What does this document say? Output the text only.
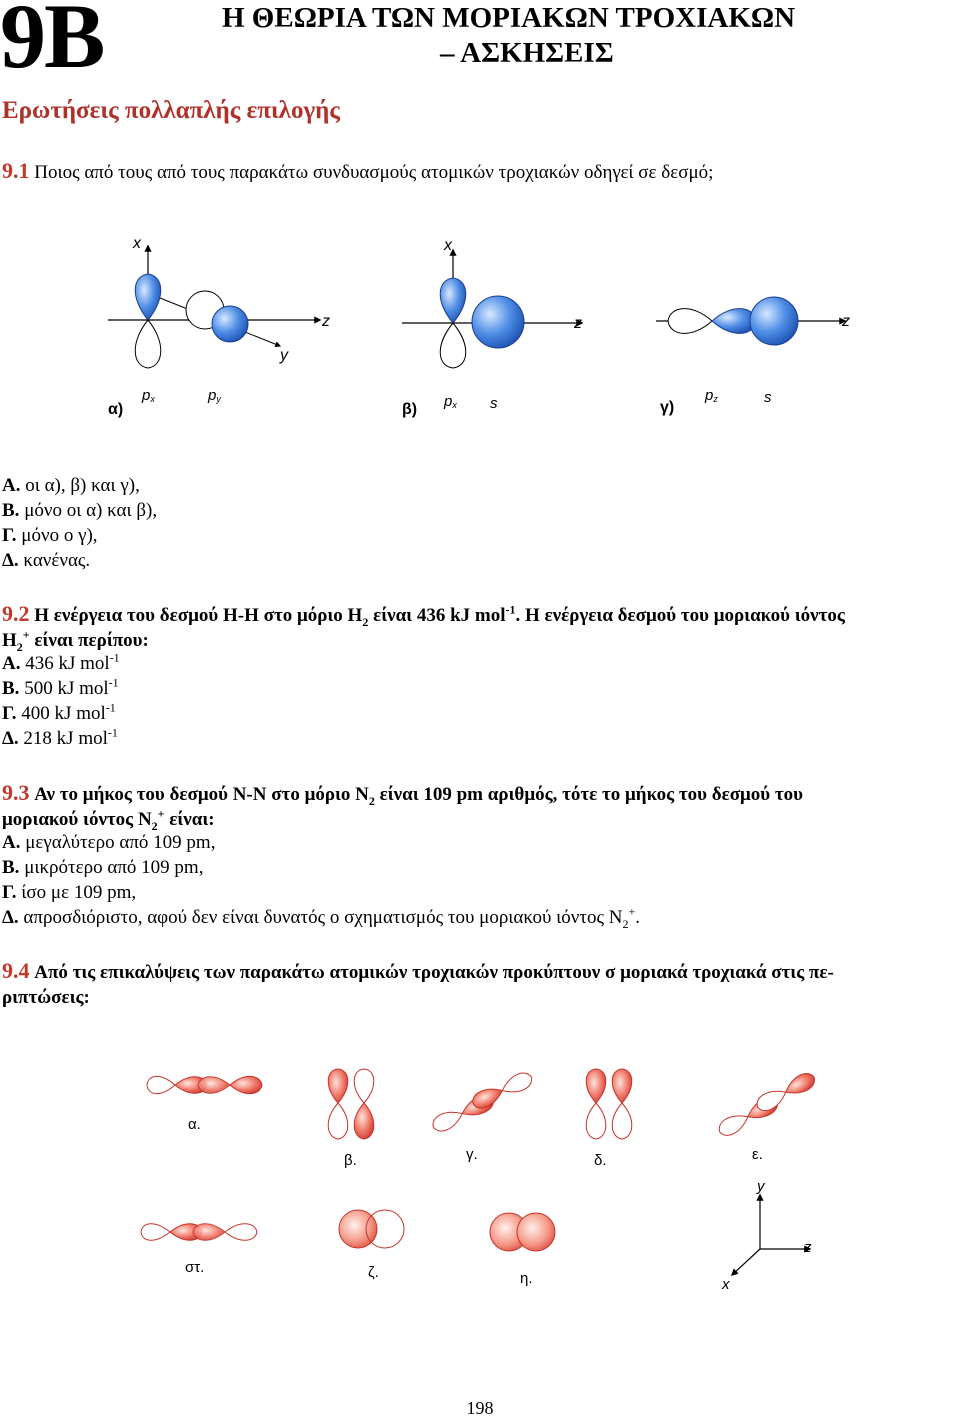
9B	Η ΘΕΩΡΙΑ ΤΩΝ ΜΟΡΙΑΚΩΝ ΤΡΟΧΙΑΚΩΝ
– ΑΣΚΗΣΕΙΣ
Ερωτήσεις πολλαπλής επιλογής
9.1 Ποιος από τους από τους παρακάτω συνδυασμούς ατομικών τροχιακών οδηγεί σε δεσμό;
x
z
y
α)
px	py
x
z
β) px s
z
γ)
pz	s
Α. οι α), β) και γ),
Β. μόνο οι α) και β),
Γ. μόνο ο γ),
Δ. κανένας.
9.2 Η ενέργεια του δεσμού Η-Η στο μόριο $H_2$ είναι 436 kJ mol$^{-1}$. Η ενέργεια δεσμού του μοριακού ιόντος
$H_2^+$ είναι περίπου:
Α. 436 kJ mol$^{-1}$
Β. 500 kJ mol$^{-1}$
Γ. 400 kJ mol$^{-1}$
Δ. 218 kJ mol$^{-1}$
9.3 Αν το μήκος του δεσμού Ν-Ν στο μόριο $N_2$ είναι 109 pm αριθμός, τότε το μήκος του δεσμού του
μοριακού ιόντος $N_2^+$ είναι:
Α. μεγαλύτερο από 109 pm,
Β. μικρότερο από 109 pm,
Γ. ίσο με 109 pm,
Δ. απροσδιόριστο, αφού δεν είναι δυνατός ο σχηματισμός του μοριακού ιόντος $N_2^+$.
9.4 Από τις επικαλύψεις των παρακάτω ατομικών τροχιακών προκύπτουν σ μοριακά τροχιακά στις πε-
ριπτώσεις:
α.
β.	γ.	δ.	ε.
στ.	ζ.	η.
y
z
x
198
